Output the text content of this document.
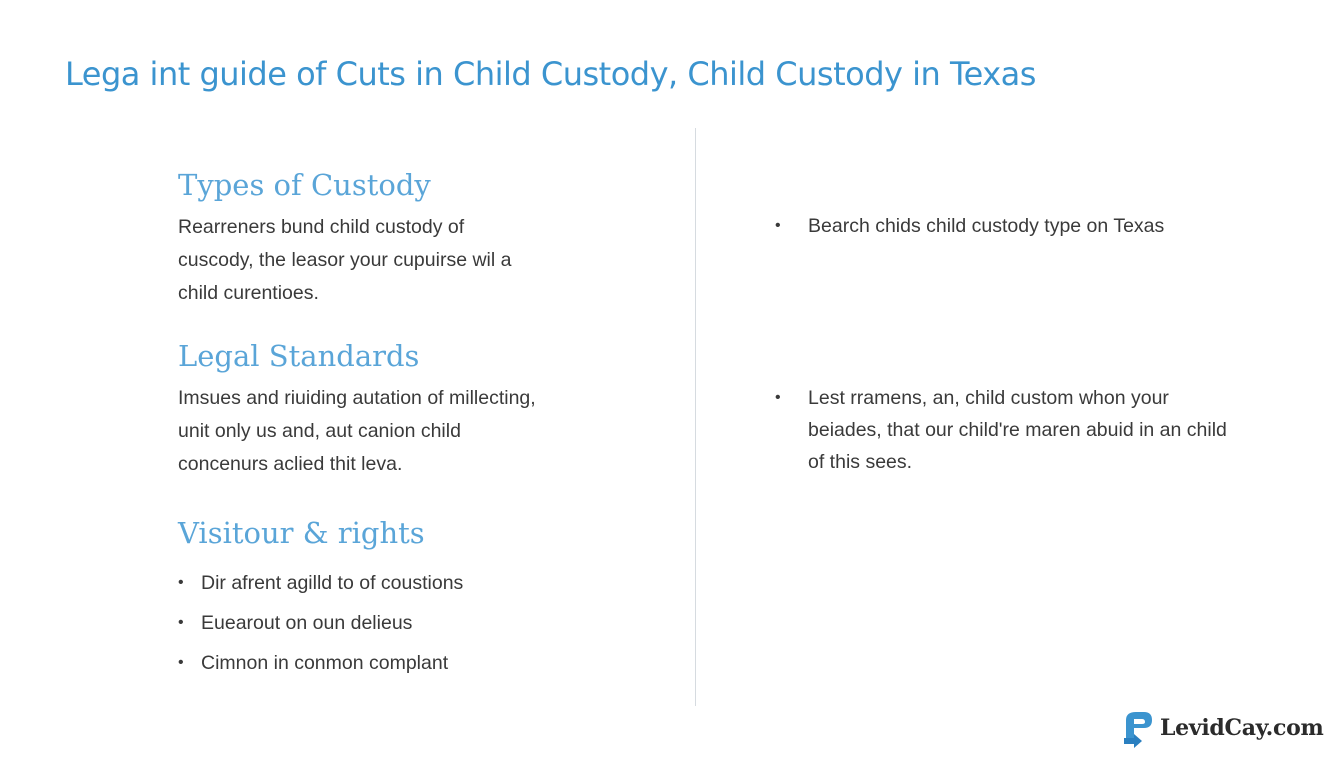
Lega int guide of Cuts in Child Custody, Child Custody in Texas
Types of Custody

Rearreners bund child custody of
cuscody, the leasor your cupuirse wil a
child curentioes.

Legal Standards

Imsues and riuiding autation of millecting,
unit only us and, aut canion child
concenurs aclied thit leva.

Visitour & rights
• Dir afrent agilld to of coustions
• Euearout on oun delieus
• Cimnon in conmon complant
• Bearch chids child custody type on Texas
• Lest rramens, an, child custom whon your beiades, that our child're maren abuid in an child of this sees.
LevidCay.com
